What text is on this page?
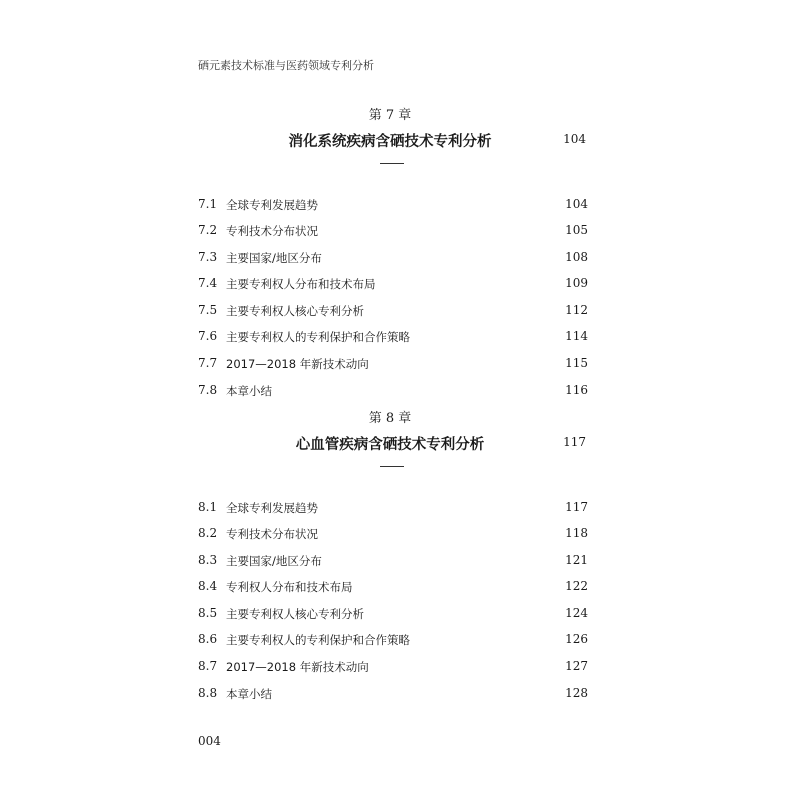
硒元素技术标准与医药领域专利分析
第 7 章
消化系统疾病含硒技术专利分析	104
7.1 全球专利发展趋势	104
7.2 专利技术分布状况	105
7.3 主要国家/地区分布	108
7.4 主要专利权人分布和技术布局	109
7.5 主要专利权人核心专利分析	112
7.6 主要专利权人的专利保护和合作策略	114
7.7 2017—2018 年新技术动向	115
7.8 本章小结	116
第 8 章
心血管疾病含硒技术专利分析	117
8.1 全球专利发展趋势	117
8.2 专利技术分布状况	118
8.3 主要国家/地区分布	121
8.4 专利权人分布和技术布局	122
8.5 主要专利权人核心专利分析	124
8.6 主要专利权人的专利保护和合作策略	126
8.7 2017—2018 年新技术动向	127
8.8 本章小结	128
004
